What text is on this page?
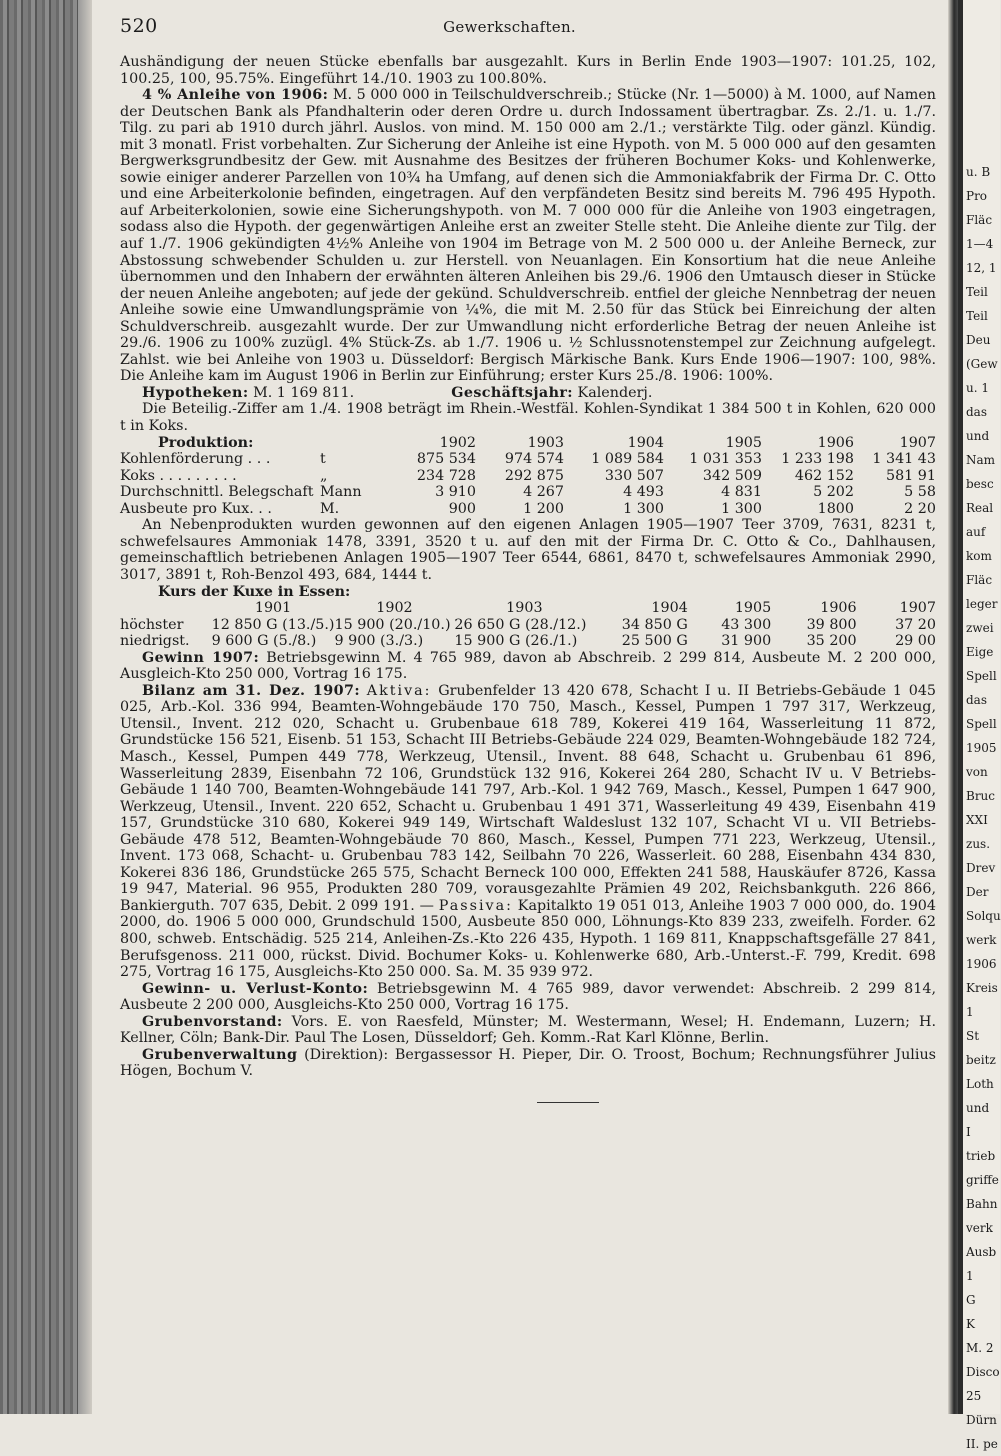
u. B
Pro
Fläc
1—4
12, 1
Teil
Teil
Deu
(Gew
u. 1
das
und
Nam
besc
Real
auf
kom
Fläc
leger
zwei
Eige
Spell
das
Spell
1905
von
Bruc
XXI
zus.
Drev
Der
Solqu
werk
1906
Kreis
1
St
beitz
Loth
und
I
trieb
griffe
Bahn
verk
Ausb
1
G
K
M. 2
Disco
25
Dürn
II. pe
520	Gewerkschaften.

Aushändigung der neuen Stücke ebenfalls bar ausgezahlt. Kurs in Berlin Ende 1903—1907: 101.25, 102, 100.25, 100, 95.75%. Eingeführt 14./10. 1903 zu 100.80%.

4 % Anleihe von 1906: M. 5 000 000 in Teilschuldverschreib.; Stücke (Nr. 1—5000) à M. 1000, auf Namen der Deutschen Bank als Pfandhalterin oder deren Ordre u. durch Indossament übertragbar. Zs. 2./1. u. 1./7. Tilg. zu pari ab 1910 durch jährl. Auslos. von mind. M. 150 000 am 2./1.; verstärkte Tilg. oder gänzl. Kündig. mit 3 monatl. Frist vorbehalten. Zur Sicherung der Anleihe ist eine Hypoth. von M. 5 000 000 auf den gesamten Bergwerksgrundbesitz der Gew. mit Ausnahme des Besitzes der früheren Bochumer Koks- und Kohlenwerke, sowie einiger anderer Parzellen von 10¾ ha Umfang, auf denen sich die Ammoniakfabrik der Firma Dr. C. Otto und eine Arbeiterkolonie befinden, eingetragen. Auf den verpfändeten Besitz sind bereits M. 796 495 Hypoth. auf Arbeiterkolonien, sowie eine Sicherungshypoth. von M. 7 000 000 für die Anleihe von 1903 eingetragen, sodass also die Hypoth. der gegenwärtigen Anleihe erst an zweiter Stelle steht. Die Anleihe diente zur Tilg. der auf 1./7. 1906 gekündigten 4½% Anleihe von 1904 im Betrage von M. 2 500 000 u. der Anleihe Berneck, zur Abstossung schwebender Schulden u. zur Herstell. von Neuanlagen. Ein Konsortium hat die neue Anleihe übernommen und den Inhabern der erwähnten älteren Anleihen bis 29./6. 1906 den Umtausch dieser in Stücke der neuen Anleihe angeboten; auf jede der gekünd. Schuldverschreib. entfiel der gleiche Nennbetrag der neuen Anleihe sowie eine Umwandlungsprämie von ¼%, die mit M. 2.50 für das Stück bei Einreichung der alten Schuldverschreib. ausgezahlt wurde. Der zur Umwandlung nicht erforderliche Betrag der neuen Anleihe ist 29./6. 1906 zu 100% zuzügl. 4% Stück-Zs. ab 1./7. 1906 u. ½ Schlussnotenstempel zur Zeichnung aufgelegt. Zahlst. wie bei Anleihe von 1903 u. Düsseldorf: Bergisch Märkische Bank. Kurs Ende 1906—1907: 100, 98%. Die Anleihe kam im August 1906 in Berlin zur Einführung; erster Kurs 25./8. 1906: 100%.

Hypotheken: M. 1 169 811.	Geschäftsjahr: Kalenderj.

Die Beteilig.-Ziffer am 1./4. 1908 beträgt im Rhein.-Westfäl. Kohlen-Syndikat 1 384 500 t in Kohlen, 620 000 t in Koks.

Produktion:		1902	1903	1904	1905	1906	1907
Kohlenförderung . . .	t	875 534	974 574	1 089 584	1 031 353	1 233 198	1 341 43
Koks . . . . . . . . .	„	234 728	292 875	330 507	342 509	462 152	581 91
Durchschnittl. Belegschaft	Mann	3 910	4 267	4 493	4 831	5 202	5 58
Ausbeute pro Kux. . .	M.	900	1 200	1 300	1 300	1800	2 20

An Nebenprodukten wurden gewonnen auf den eigenen Anlagen 1905—1907 Teer 3709, 7631, 8231 t, schwefelsaures Ammoniak 1478, 3391, 3520 t u. auf den mit der Firma Dr. C. Otto & Co., Dahlhausen, gemeinschaftlich betriebenen Anlagen 1905—1907 Teer 6544, 6861, 8470 t, schwefelsaures Ammoniak 2990, 3017, 3891 t, Roh-Benzol 493, 684, 1444 t.

Kurs der Kuxe in Essen:							
	1901	1902	1903	1904	1905	1906	1907
höchster	12 850 G (13./5.)	15 900 (20./10.)	26 650 G (28./12.)	34 850 G	43 300	39 800	37 20
niedrigst.	9 600 G (5./8.)	9 900 (3./3.)	15 900 G (26./1.)	25 500 G	31 900	35 200	29 00

Gewinn 1907: Betriebsgewinn M. 4 765 989, davon ab Abschreib. 2 299 814, Ausbeute M. 2 200 000, Ausgleich-Kto 250 000, Vortrag 16 175.

Bilanz am 31. Dez. 1907: Aktiva: Grubenfelder 13 420 678, Schacht I u. II Betriebs-Gebäude 1 045 025, Arb.-Kol. 336 994, Beamten-Wohngebäude 170 750, Masch., Kessel, Pumpen 1 797 317, Werkzeug, Utensil., Invent. 212 020, Schacht u. Grubenbaue 618 789, Kokerei 419 164, Wasserleitung 11 872, Grundstücke 156 521, Eisenb. 51 153, Schacht III Betriebs-Gebäude 224 029, Beamten-Wohngebäude 182 724, Masch., Kessel, Pumpen 449 778, Werkzeug, Utensil., Invent. 88 648, Schacht u. Grubenbau 61 896, Wasserleitung 2839, Eisenbahn 72 106, Grundstück 132 916, Kokerei 264 280, Schacht IV u. V Betriebs-Gebäude 1 140 700, Beamten-Wohngebäude 141 797, Arb.-Kol. 1 942 769, Masch., Kessel, Pumpen 1 647 900, Werkzeug, Utensil., Invent. 220 652, Schacht u. Grubenbau 1 491 371, Wasserleitung 49 439, Eisenbahn 419 157, Grundstücke 310 680, Kokerei 949 149, Wirtschaft Waldeslust 132 107, Schacht VI u. VII Betriebs-Gebäude 478 512, Beamten-Wohngebäude 70 860, Masch., Kessel, Pumpen 771 223, Werkzeug, Utensil., Invent. 173 068, Schacht- u. Grubenbau 783 142, Seilbahn 70 226, Wasserleit. 60 288, Eisenbahn 434 830, Kokerei 836 186, Grundstücke 265 575, Schacht Berneck 100 000, Effekten 241 588, Hauskäufer 8726, Kassa 19 947, Material. 96 955, Produkten 280 709, vorausgezahlte Prämien 49 202, Reichsbankguth. 226 866, Bankierguth. 707 635, Debit. 2 099 191. — Passiva: Kapitalkto 19 051 013, Anleihe 1903 7 000 000, do. 1904 2000, do. 1906 5 000 000, Grundschuld 1500, Ausbeute 850 000, Löhnungs-Kto 839 233, zweifelh. Forder. 62 800, schweb. Entschädig. 525 214, Anleihen-Zs.-Kto 226 435, Hypoth. 1 169 811, Knappschaftsgefälle 27 841, Berufsgenoss. 211 000, rückst. Divid. Bochumer Koks- u. Kohlenwerke 680, Arb.-Unterst.-F. 799, Kredit. 698 275, Vortrag 16 175, Ausgleichs-Kto 250 000. Sa. M. 35 939 972.

Gewinn- u. Verlust-Konto: Betriebsgewinn M. 4 765 989, davor verwendet: Abschreib. 2 299 814, Ausbeute 2 200 000, Ausgleichs-Kto 250 000, Vortrag 16 175.

Grubenvorstand: Vors. E. von Raesfeld, Münster; M. Westermann, Wesel; H. Endemann, Luzern; H. Kellner, Cöln; Bank-Dir. Paul The Losen, Düsseldorf; Geh. Komm.-Rat Karl Klönne, Berlin.

Grubenverwaltung (Direktion): Bergassessor H. Pieper, Dir. O. Troost, Bochum; Rechnungsführer Julius Högen, Bochum V.
